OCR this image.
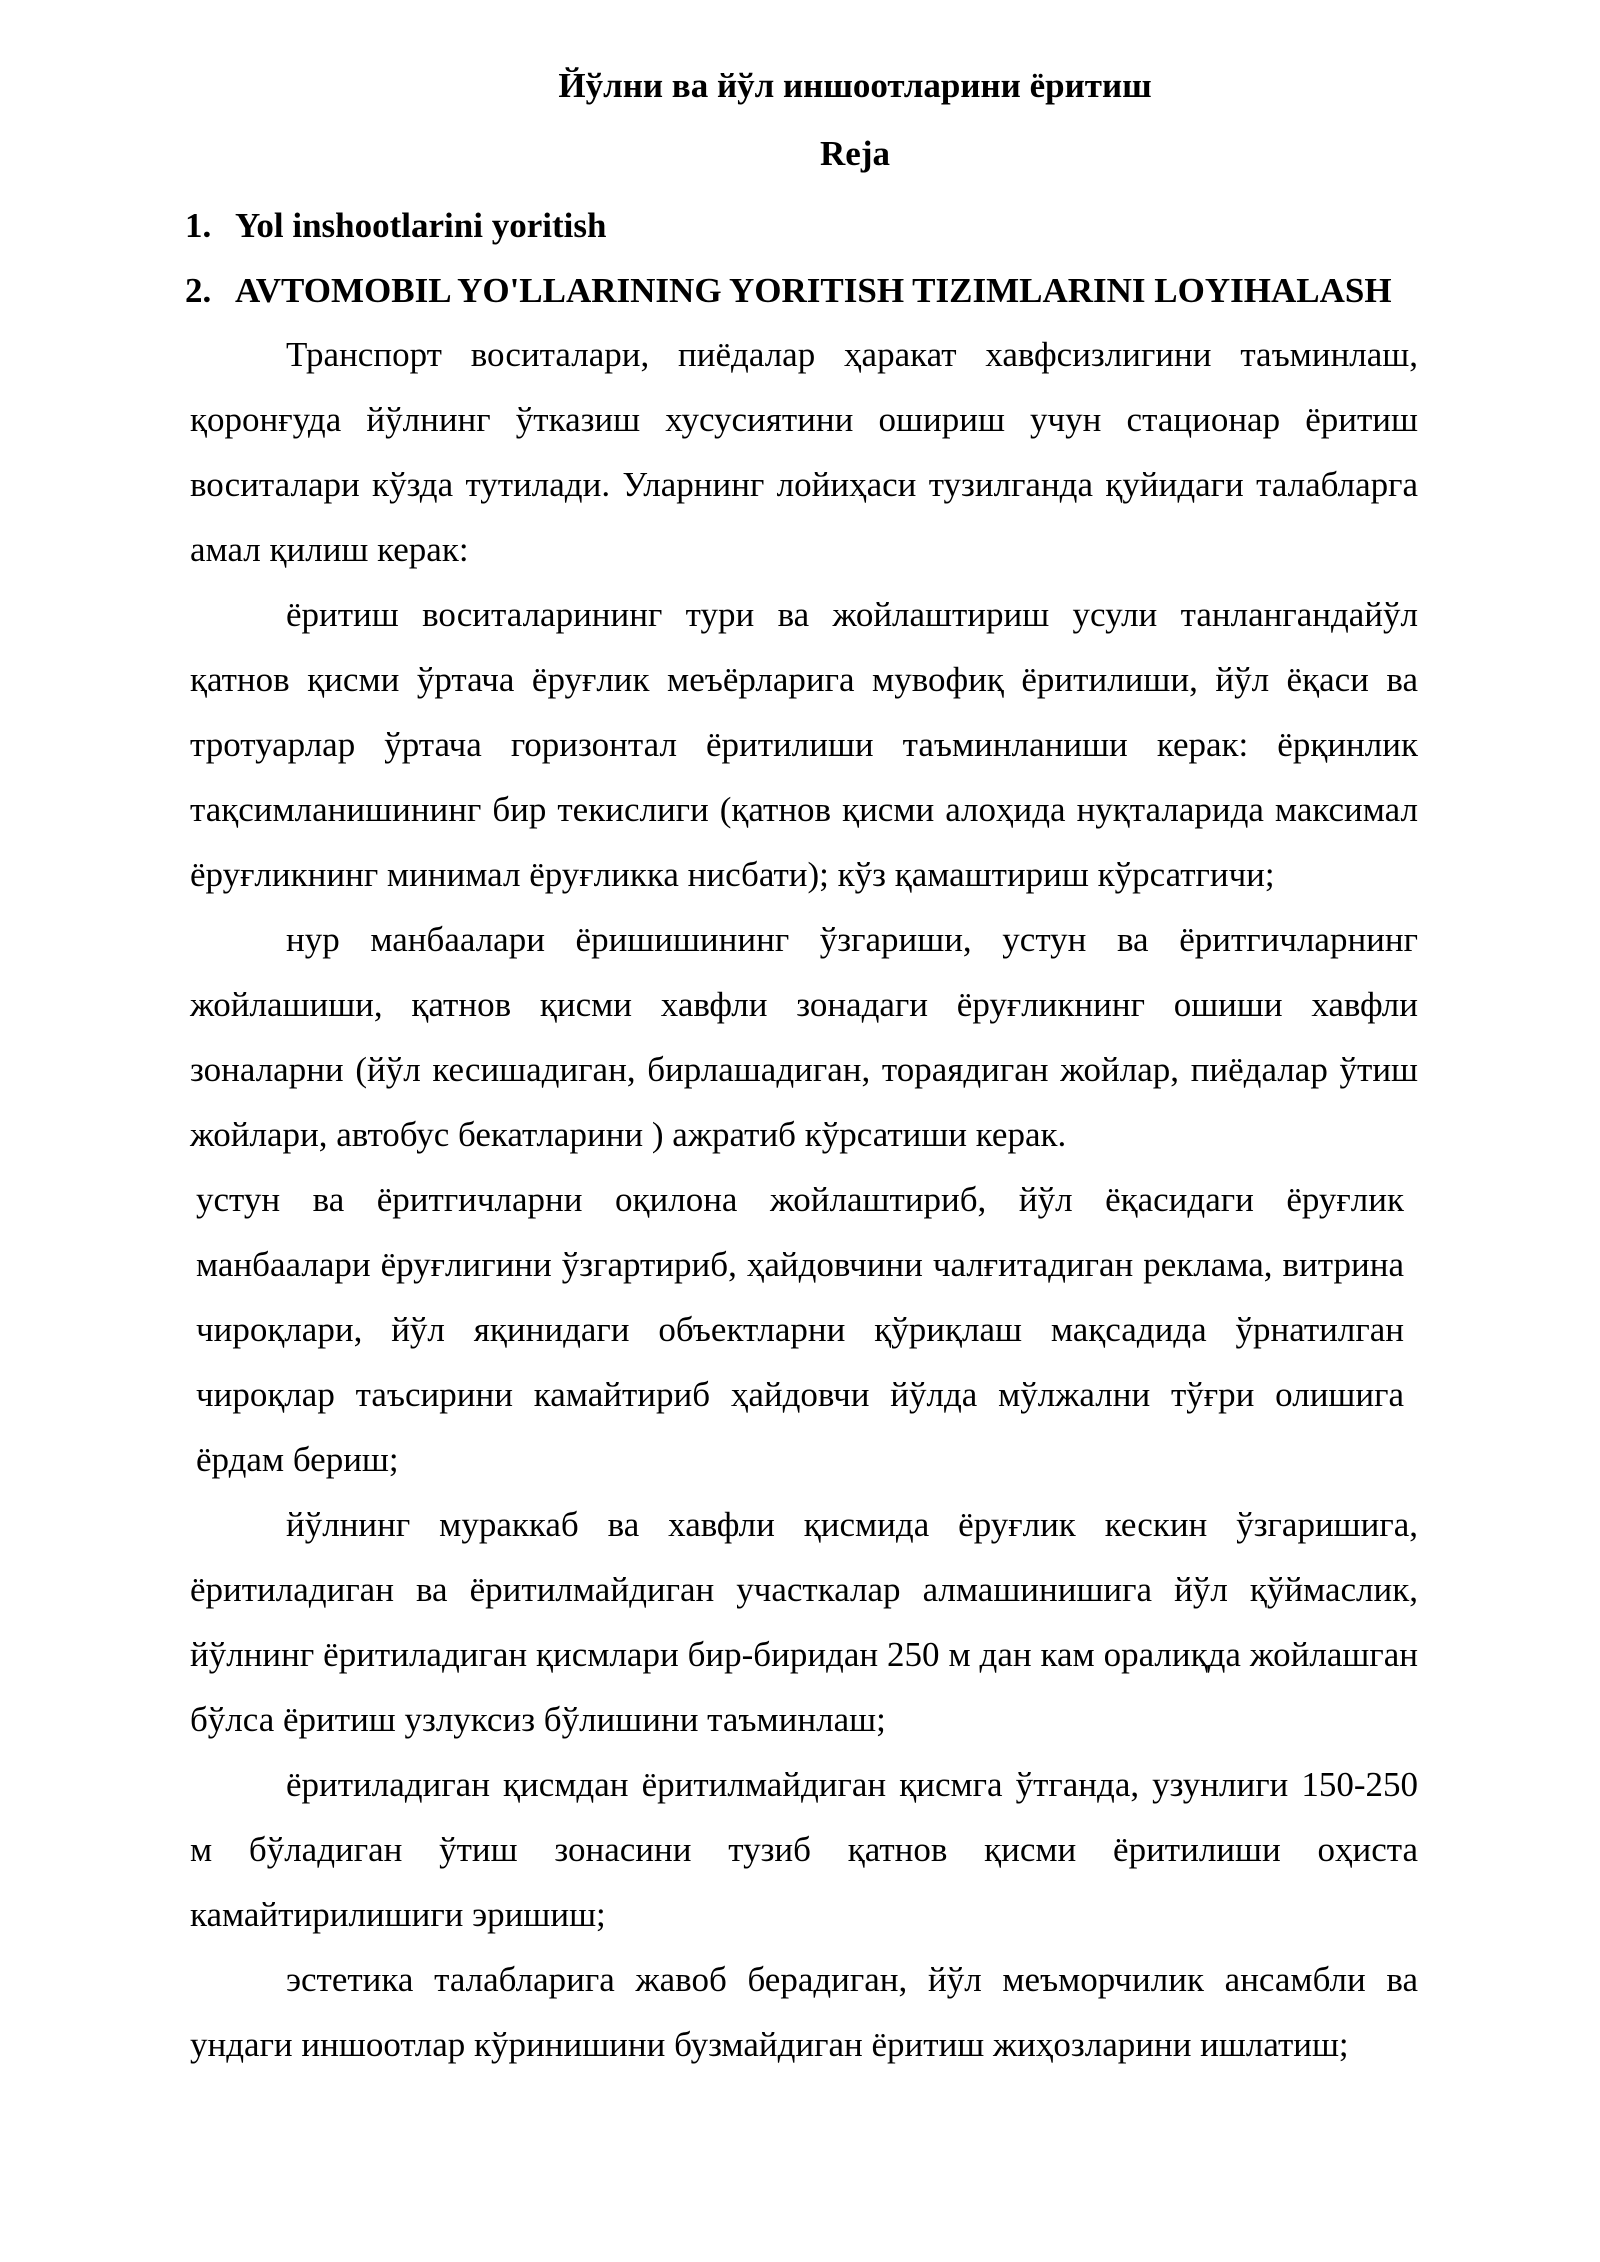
Йўлни ва йўл иншоотларини ёритиш
Reja
1. Yol inshootlarini yoritish
2. AVTOMOBIL YO'LLARINING YORITISH TIZIMLARINI LOYIHALASH

Транспорт воситалари, пиёдалар ҳаракат хавфсизлигини таъминлаш, қоронғуда йўлнинг ўтказиш хусусиятини ошириш учун стационар ёритиш воситалари кўзда тутилади. Уларнинг лойиҳаси тузилганда қуйидаги талабларга амал қилиш керак:

ёритиш воситаларининг тури ва жойлаштириш усули танлангандайўл қатнов қисми ўртача ёруғлик меъёрларига мувофиқ ёритилиши, йўл ёқаси ва тротуарлар ўртача горизонтал ёритилиши таъминланиши керак: ёрқинлик тақсимланишининг бир текислиги (қатнов қисми алоҳида нуқталарида максимал ёруғликнинг минимал ёруғликка нисбати); кўз қамаштириш кўрсатгичи;

нур манбаалари ёришишининг ўзгариши, устун ва ёритгичларнинг жойлашиши, қатнов қисми хавфли зонадаги ёруғликнинг ошиши хавфли зоналарни (йўл кесишадиган, бирлашадиган, тораядиган жойлар, пиёдалар ўтиш жойлари, автобус бекатларини ) ажратиб кўрсатиши керак.

устун ва ёритгичларни оқилона жойлаштириб, йўл ёқасидаги ёруғлик манбаалари ёруғлигини ўзгартириб, ҳайдовчини чалғитадиган реклама, витрина чироқлари, йўл яқинидаги объектларни қўриқлаш мақсадида ўрнатилган чироқлар таъсирини камайтириб ҳайдовчи йўлда мўлжални тўғри олишига ёрдам бериш;

йўлнинг мураккаб ва хавфли қисмида ёруғлик кескин ўзгаришига, ёритиладиган ва ёритилмайдиган участкалар алмашинишига йўл қўймаслик, йўлнинг ёритиладиган қисмлари бир-биридан 250 м дан кам оралиқда жойлашган бўлса ёритиш узлуксиз бўлишини таъминлаш;

ёритиладиган қисмдан ёритилмайдиган қисмга ўтганда, узунлиги 150-250 м бўладиган ўтиш зонасини тузиб қатнов қисми ёритилиши оҳиста камайтирилишиги эришиш;

эстетика талабларига жавоб берадиган, йўл меъморчилик ансамбли ва ундаги иншоотлар кўринишини бузмайдиган ёритиш жиҳозларини ишлатиш;
